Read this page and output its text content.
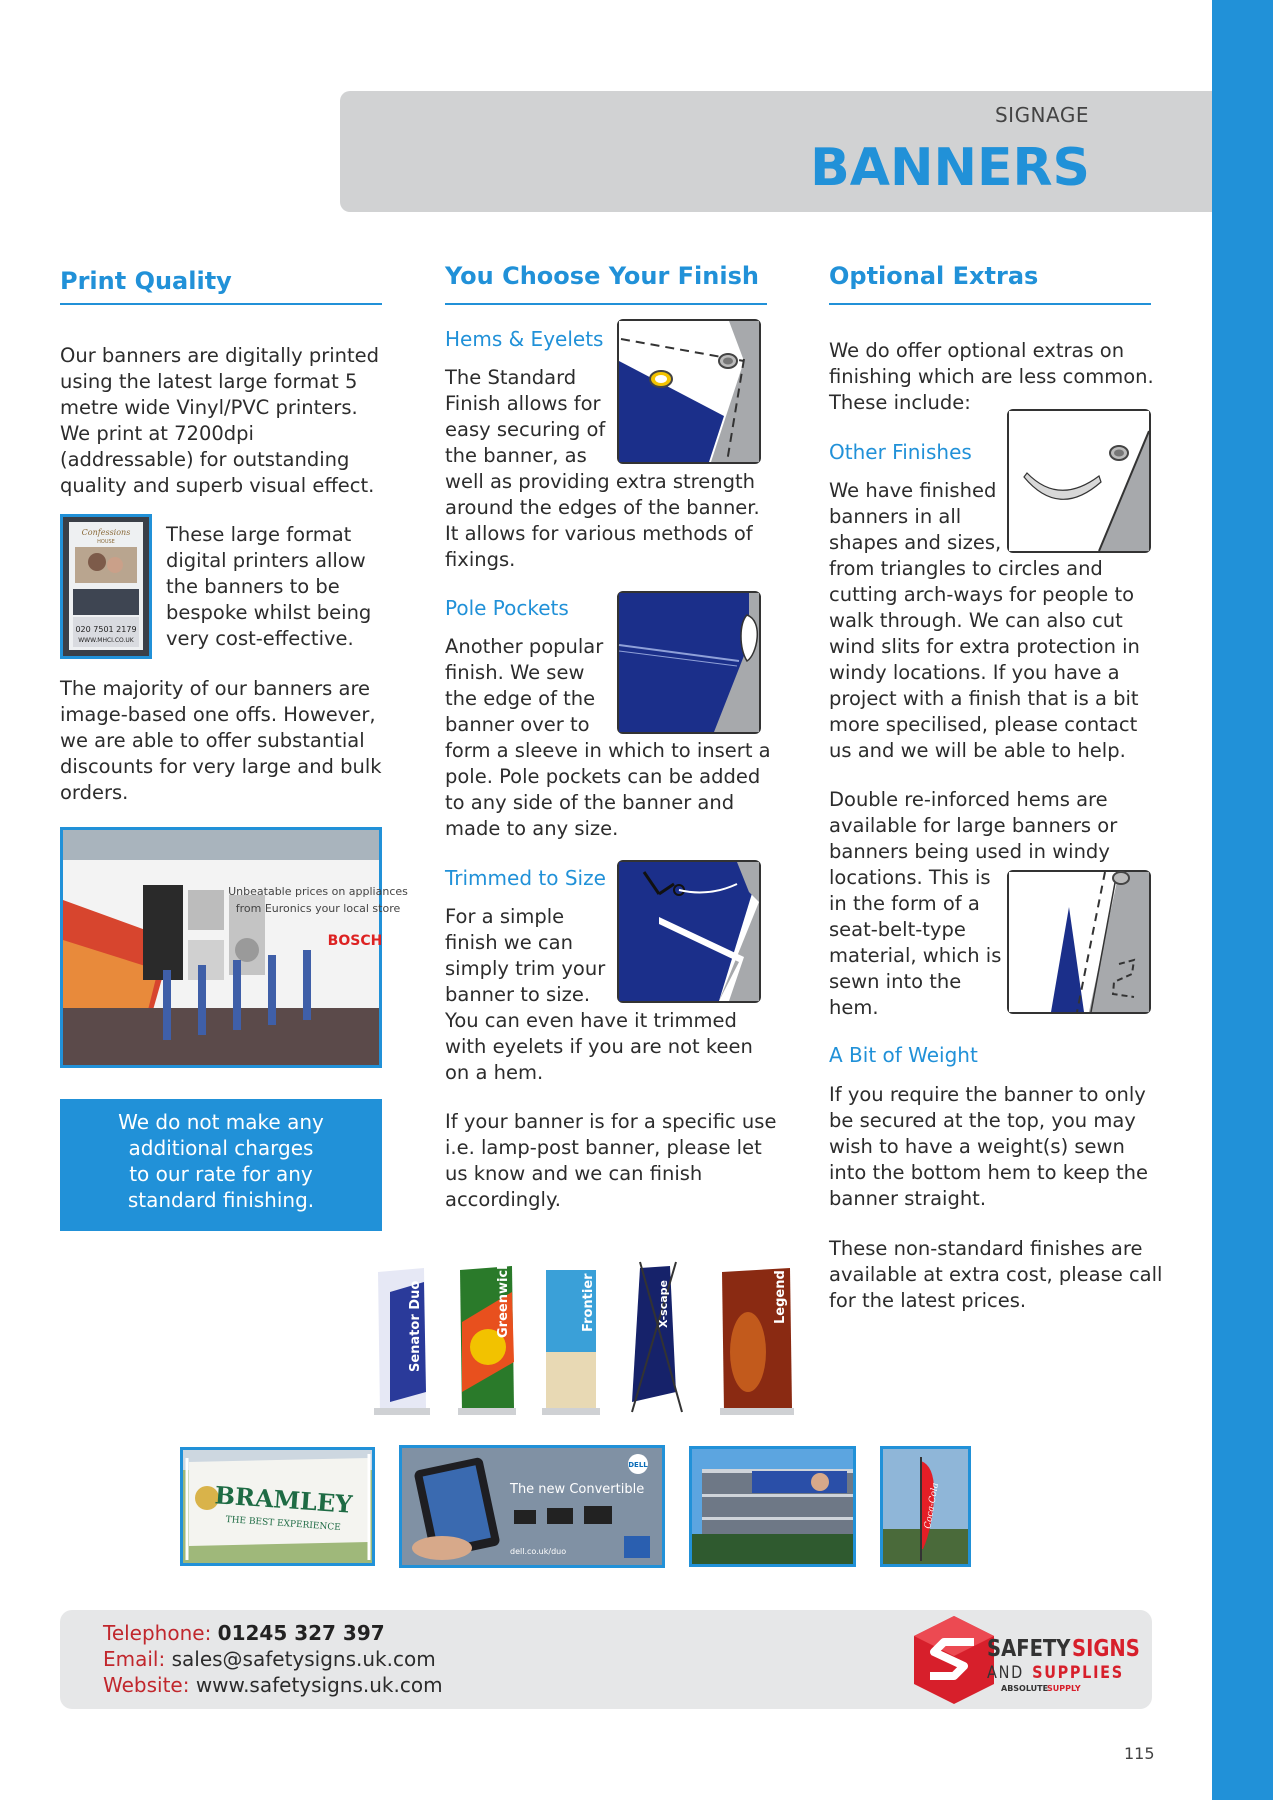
SIGNAGE
BANNERS
Print Quality
Our banners are digitally printed
using the latest large format 5
metre wide Vinyl/PVC printers.
We print at 7200dpi
(addressable) for outstanding
quality and superb visual effect.
Confessions
HOUSE
020 7501 2179
WWW.MHCI.CO.UK
These large format
digital printers allow
the banners to be
bespoke whilst being
very cost-effective.
The majority of our banners are
image-based one offs. However,
we are able to offer substantial
discounts for very large and bulk
orders.
Unbeatable prices on appliances
from Euronics your local store
BOSCH
We do not make any
additional charges
to our rate for any
standard finishing.
You Choose Your Finish
Hems & Eyelets
The Standard
Finish allows for
easy securing of
the banner, as
well as providing extra strength
around the edges of the banner.
It allows for various methods of
fixings.
Pole Pockets
Another popular
finish. We sew
the edge of the
banner over to
form a sleeve in which to insert a
pole. Pole pockets can be added
to any side of the banner and
made to any size.
Trimmed to Size
For a simple
finish we can
simply trim your
banner to size.
You can even have it trimmed
with eyelets if you are not keen
on a hem.
If your banner is for a specific use
i.e. lamp-post banner, please let
us know and we can finish
accordingly.
Optional Extras
We do offer optional extras on
finishing which are less common.
These include:
Other Finishes
We have finished
banners in all
shapes and sizes,
from triangles to circles and
cutting arch-ways for people to
walk through. We can also cut
wind slits for extra protection in
windy locations. If you have a
project with a finish that is a bit
more specilised, please contact
us and we will be able to help.
Double re-inforced hems are
available for large banners or
banners being used in windy
locations. This is
in the form of a
seat-belt-type
material, which is
sewn into the
hem.
A Bit of Weight
If you require the banner to only
be secured at the top, you may
wish to have a weight(s) sewn
into the bottom hem to keep the
banner straight.
These non-standard finishes are
available at extra cost, please call
for the latest prices.
Senator Duo	Greenwich	Frontier	X-scape	Legend
BRAMLEY
THE BEST EXPERIENCE
The new Convertible
DELL
dell.co.uk/duo
Coca-Cola
Telephone: 01245 327 397
Email: sales@safetysigns.uk.com
Website: www.safetysigns.uk.com
SAFETY SIGNS
AND SUPPLIES
ABSOLUTE
SUPPLY
115
